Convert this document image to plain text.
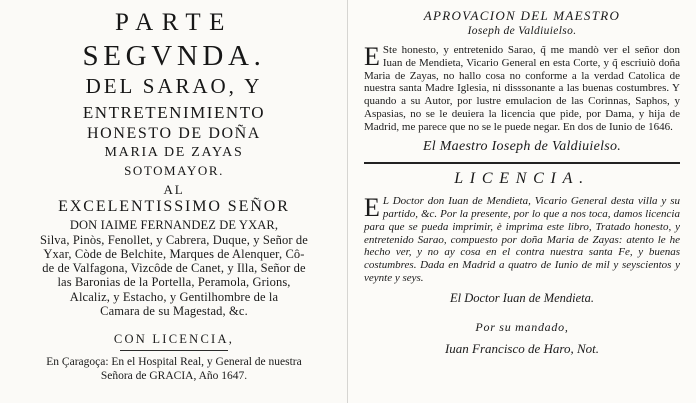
PARTE
SEGVNDA.
DEL SARAO, Y
ENTRETENIMIENTO
HONESTO DE DOÑA
MARIA DE ZAYAS
SOTOMAYOR.
AL
EXCELENTISSIMO SEÑOR
DON IAIME FERNANDEZ DE YXAR,
Silva, Pinòs, Fenollet, y Cabrera, Duque, y Señor de
Yxar, Còde de Belchite, Marques de Alenquer, Cô-
de de Valfagona, Vizcôde de Canet, y Illa, Señor de
las Baronias de la Portella, Peramola, Grions,
Alcaliz, y Estacho, y Gentilhombre de la
Camara de su Magestad, &c.
CON LICENCIA,
En Çaragoça: En el Hospital Real, y General de nuestra
Señora de GRACIA, Año 1647.
APROVACION DEL MAESTRO
Ioseph de Valdiuielso.
E Ste honesto, y entretenido Sarao, q̃ me mandò ver el señor don Iuan de Mendieta, Vicario General en esta Corte, y q̃ escriuiò doña Maria de Zayas, no hallo cosa no conforme a la verdad Catolica de nuestra santa Madre Iglesia, ni disssonante a las buenas costumbres. Y quando a su Autor, por lustre emulacion de las Corinnas, Saphos, y Aspasias, no se le deuiera la licencia que pide, por Dama, y hija de Madrid, me parece que no se le puede negar. En dos de Iunio de 1646.
El Maestro Ioseph de Valdiuielso.
LICENCIA.
E L Doctor don Iuan de Mendieta, Vicario General desta villa y su partido, &c. Por la presente, por lo que a nos toca, damos licencia para que se pueda imprimir, è imprima este libro, Tratado honesto, y entretenido Sarao, compuesto por doña Maria de Zayas: atento le he hecho ver, y no ay cosa en el contra nuestra santa Fe, y buenas costumbres. Dada en Madrid a quatro de Iunio de mil y seyscientos y veynte y seys.
El Doctor Iuan de Mendieta.
Por su mandado,
Iuan Francisco de Haro, Not.
